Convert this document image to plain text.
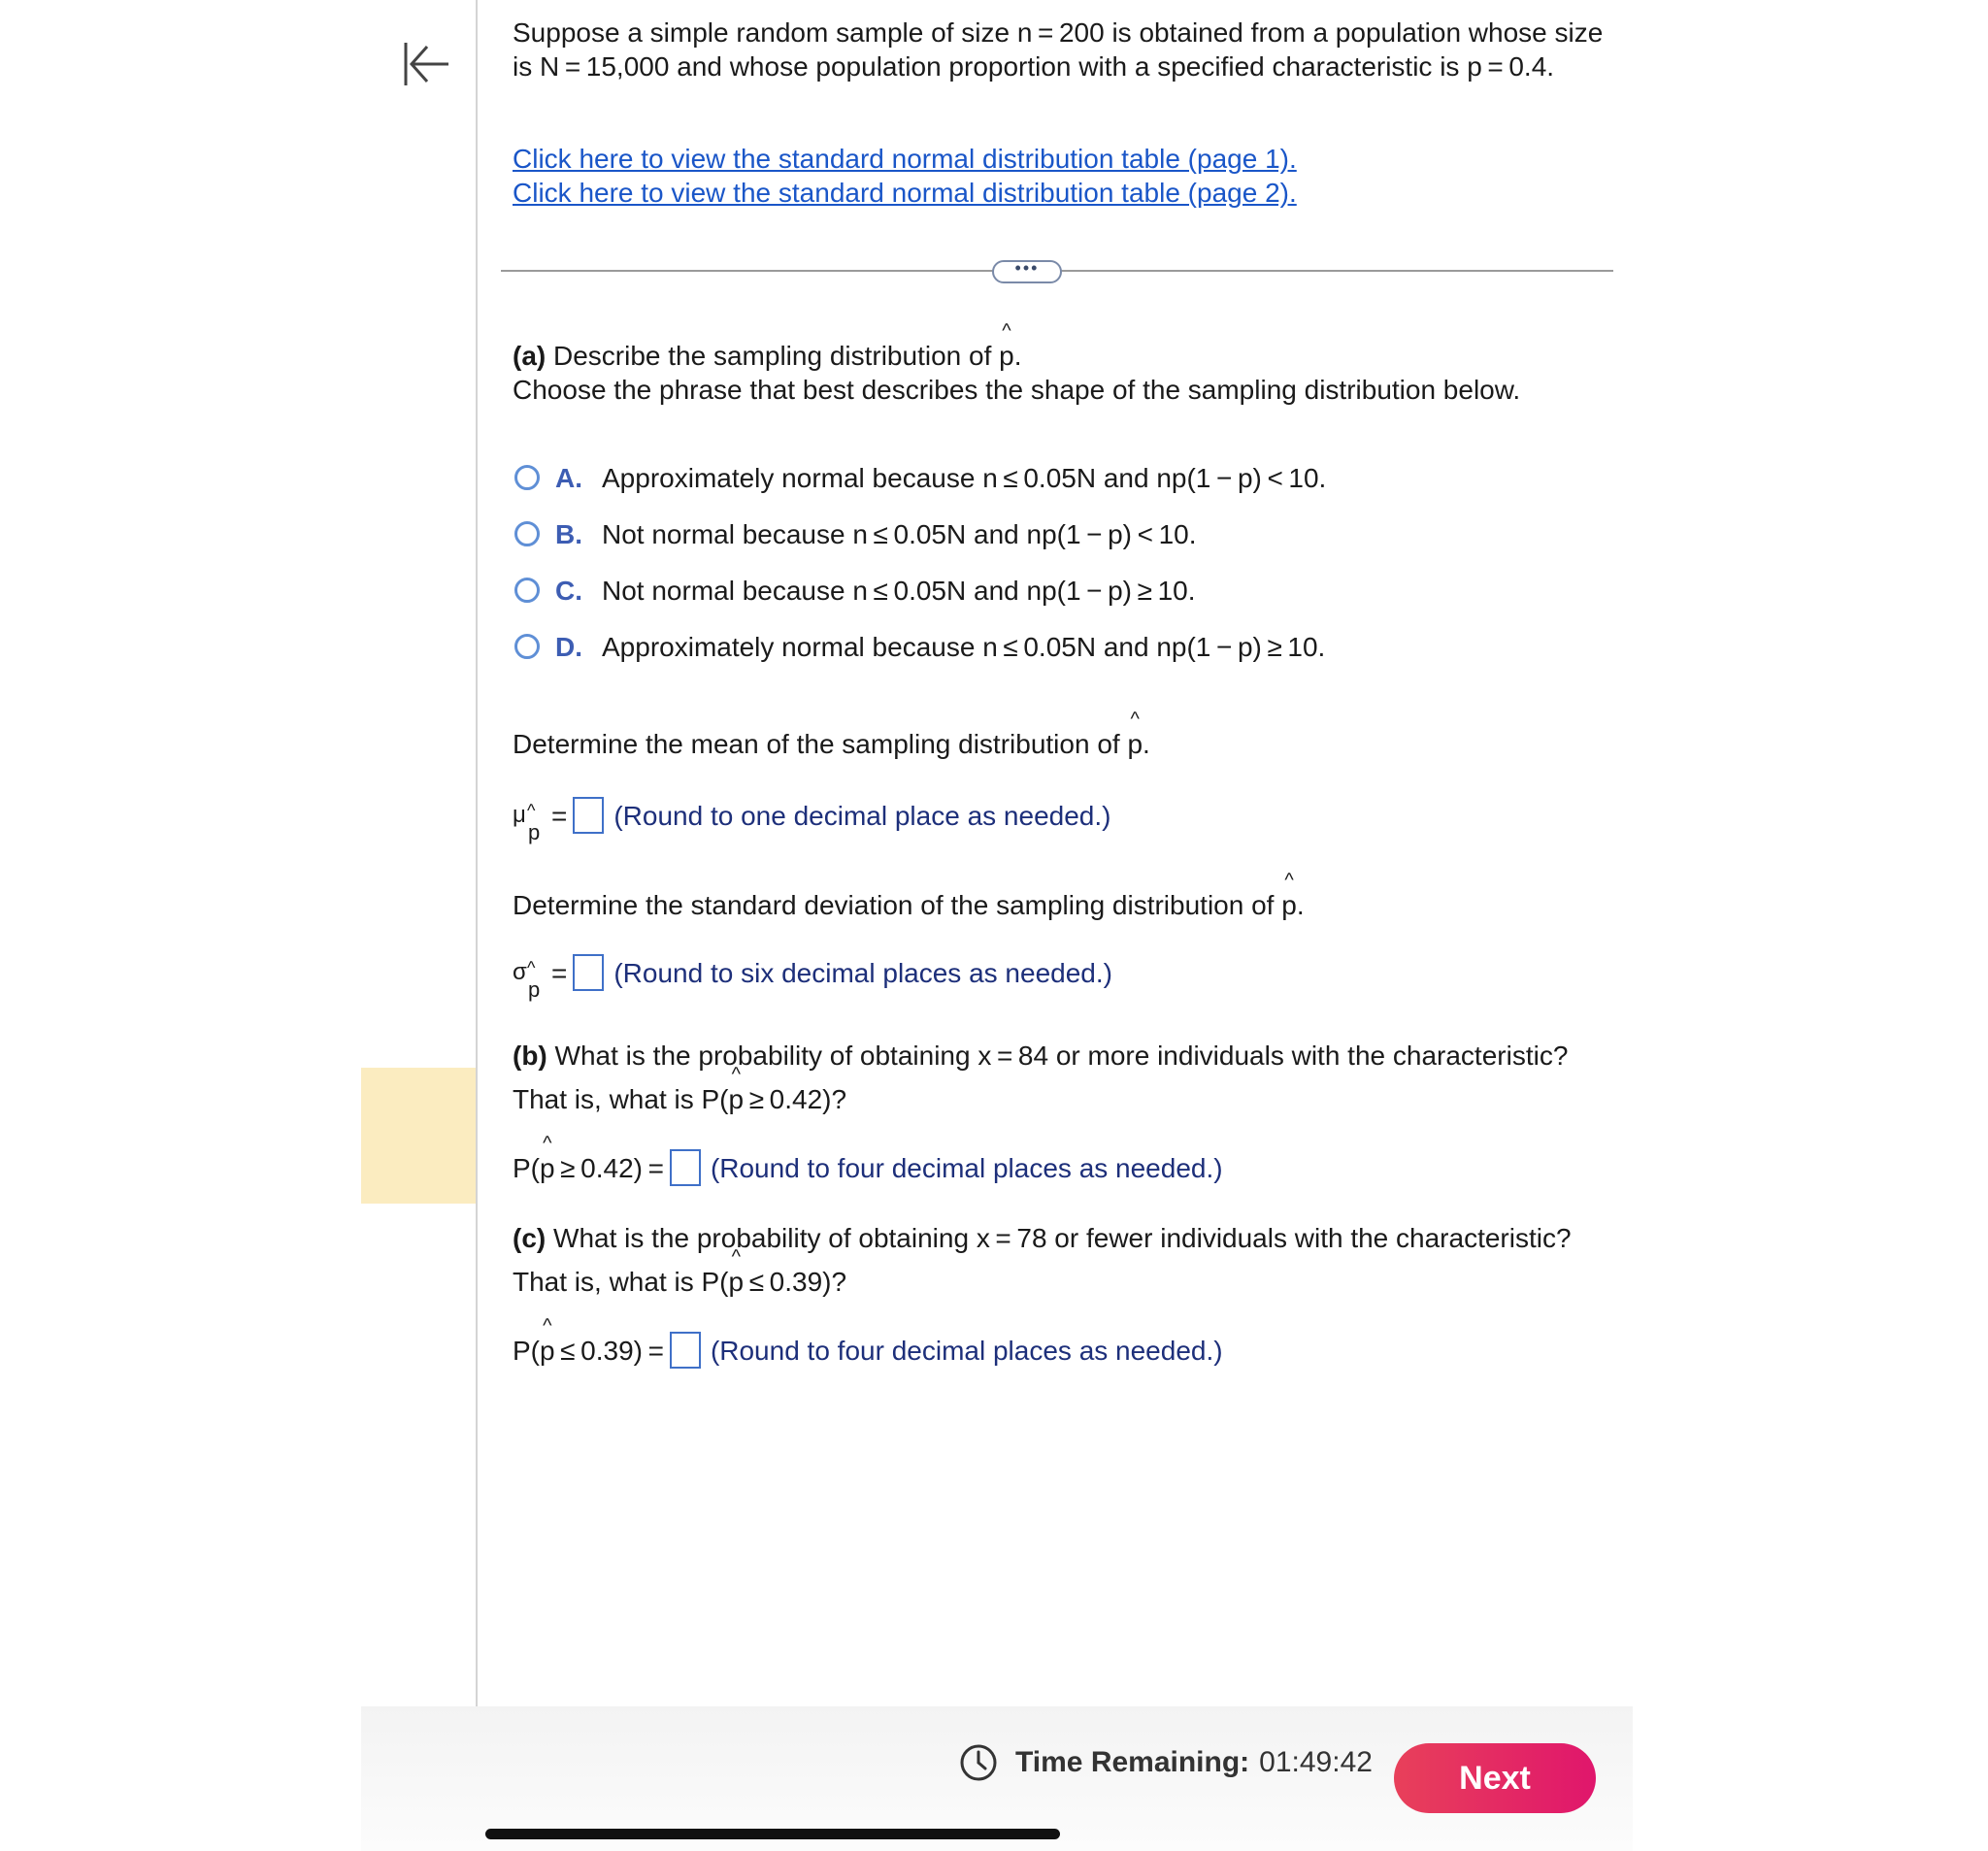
Suppose a simple random sample of size n = 200 is obtained from a population whose size is N = 15,000 and whose population proportion with a specified characteristic is p = 0.4.
Click here to view the standard normal distribution table (page 1).
Click here to view the standard normal distribution table (page 2).
(a) Describe the sampling distribution of ^ p.
Choose the phrase that best describes the shape of the sampling distribution below.
A. Approximately normal because n ≤ 0.05N and np(1 − p) < 10.
B. Not normal because n ≤ 0.05N and np(1 − p) < 10.
C. Not normal because n ≤ 0.05N and np(1 − p) ≥ 10.
D. Approximately normal because n ≤ 0.05N and np(1 − p) ≥ 10.
Determine the mean of the sampling distribution of ^ p.
μ ^
p
= (Round to one decimal place as needed.)
Determine the standard deviation of the sampling distribution of ^ p.
σ ^
p
= (Round to six decimal places as needed.)
(b) What is the probability of obtaining x = 84 or more individuals with the characteristic?
That is, what is P(^ p ≥ 0.42)?
P( ^ p  ≥ 0.42) = (Round to four decimal places as needed.)
(c) What is the probability of obtaining x = 78 or fewer individuals with the characteristic?
That is, what is P(^ p ≤ 0.39)?
P( ^ p  ≤ 0.39) = (Round to four decimal places as needed.)
•••
Time Remaining: 01:49:42	Next
